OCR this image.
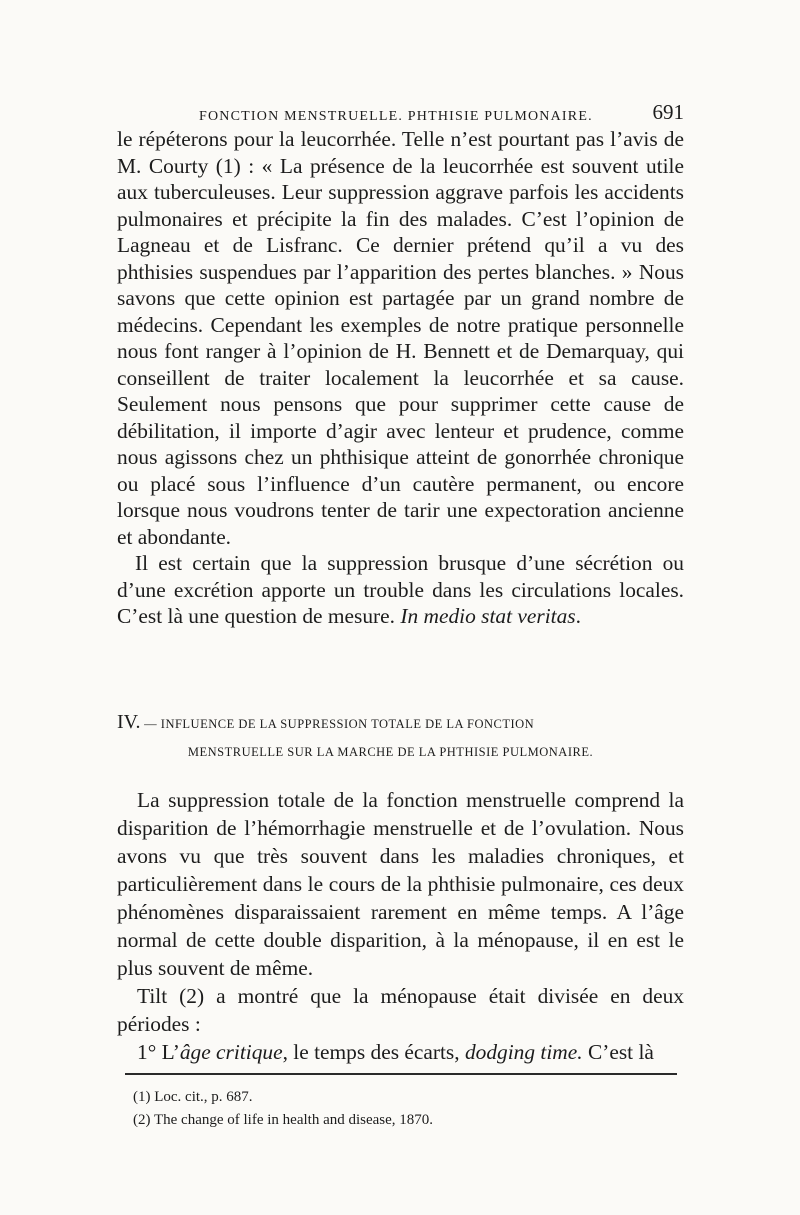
FONCTION MENSTRUELLE. PHTHISIE PULMONAIRE.	691

le répéterons pour la leucorrhée. Telle n’est pourtant pas l’avis de M. Courty (1) : « La présence de la leucorrhée est souvent utile aux tuberculeuses. Leur suppression aggrave parfois les accidents pulmonaires et précipite la fin des malades. C’est l’opinion de Lagneau et de Lisfranc. Ce dernier prétend qu’il a vu des phthisies suspendues par l’apparition des pertes blanches. » Nous savons que cette opinion est partagée par un grand nombre de médecins. Cependant les exemples de notre pratique personnelle nous font ranger à l’opinion de H. Bennett et de Demarquay, qui conseillent de traiter localement la leucorrhée et sa cause. Seulement nous pensons que pour supprimer cette cause de débilitation, il importe d’agir avec lenteur et prudence, comme nous agissons chez un phthisique atteint de gonorrhée chronique ou placé sous l’influence d’un cautère permanent, ou encore lorsque nous voudrons tenter de tarir une expectoration ancienne et abondante.

Il est certain que la suppression brusque d’une sécrétion ou d’une excrétion apporte un trouble dans les circulations locales. C’est là une question de mesure. In medio stat veritas.

IV. — INFLUENCE DE LA SUPPRESSION TOTALE DE LA FONCTION
MENSTRUELLE SUR LA MARCHE DE LA PHTHISIE PULMONAIRE.

La suppression totale de la fonction menstruelle comprend la disparition de l’hémorrhagie menstruelle et de l’ovulation. Nous avons vu que très souvent dans les maladies chroniques, et particulièrement dans le cours de la phthisie pulmonaire, ces deux phénomènes disparaissaient rarement en même temps. A l’âge normal de cette double disparition, à la ménopause, il en est le plus souvent de même.

Tilt (2) a montré que la ménopause était divisée en deux périodes :

1° L’âge critique, le temps des écarts, dodging time. C’est là

(1) Loc. cit., p. 687.
(2) The change of life in health and disease, 1870.
